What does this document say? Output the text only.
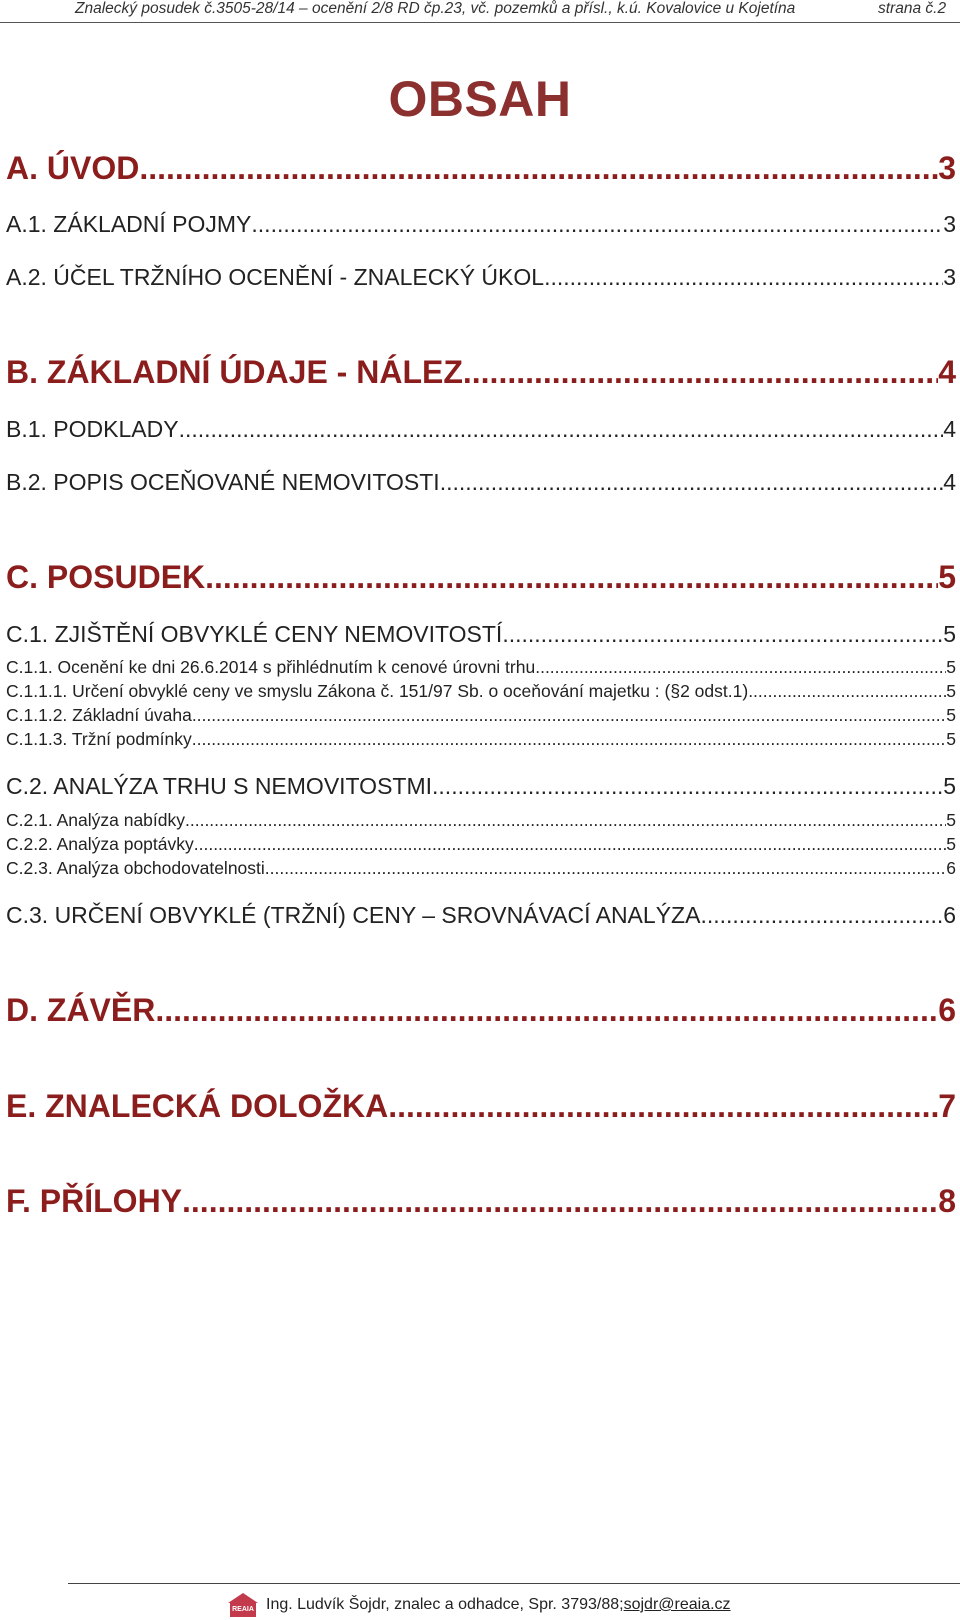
Znalecký posudek č.3505-28/14 – ocenění 2/8 RD čp.23, vč. pozemků a přísl., k.ú. Kovalovice u Kojetína	strana č.2
OBSAH
A. ÚVOD .....	3
A.1. ZÁKLADNÍ POJMY .....	3
A.2. ÚČEL TRŽNÍHO OCENĚNÍ - ZNALECKÝ ÚKOL .....	3
B. ZÁKLADNÍ ÚDAJE - NÁLEZ .....	4
B.1. PODKLADY .....	4
B.2. POPIS OCEŇOVANÉ NEMOVITOSTI .....	4
C. POSUDEK .....	5
C.1. ZJIŠTĚNÍ OBVYKLÉ CENY NEMOVITOSTÍ .....	5
C.1.1. Ocenění ke dni 26.6.2014 s přihlédnutím k cenové úrovni trhu. .....	5
C.1.1.1. Určení obvyklé ceny ve smyslu Zákona č. 151/97 Sb. o oceňování majetku : (§2 odst.1) .....	5
C.1.1.2. Základní úvaha .....	5
C.1.1.3. Tržní podmínky .....	5
C.2. ANALÝZA TRHU S NEMOVITOSTMI .....	5
C.2.1. Analýza nabídky .....	5
C.2.2. Analýza poptávky .....	5
C.2.3. Analýza obchodovatelnosti .....	6
C.3. URČENÍ OBVYKLÉ (TRŽNÍ) CENY – SROVNÁVACÍ ANALÝZA .....	6
D. ZÁVĚR .....	6
E. ZNALECKÁ DOLOŽKA .....	7
F. PŘÍLOHY .....	8
REAIA Ing. Ludvík Šojdr, znalec a odhadce, Spr. 3793/88; sojdr@reaia.cz
